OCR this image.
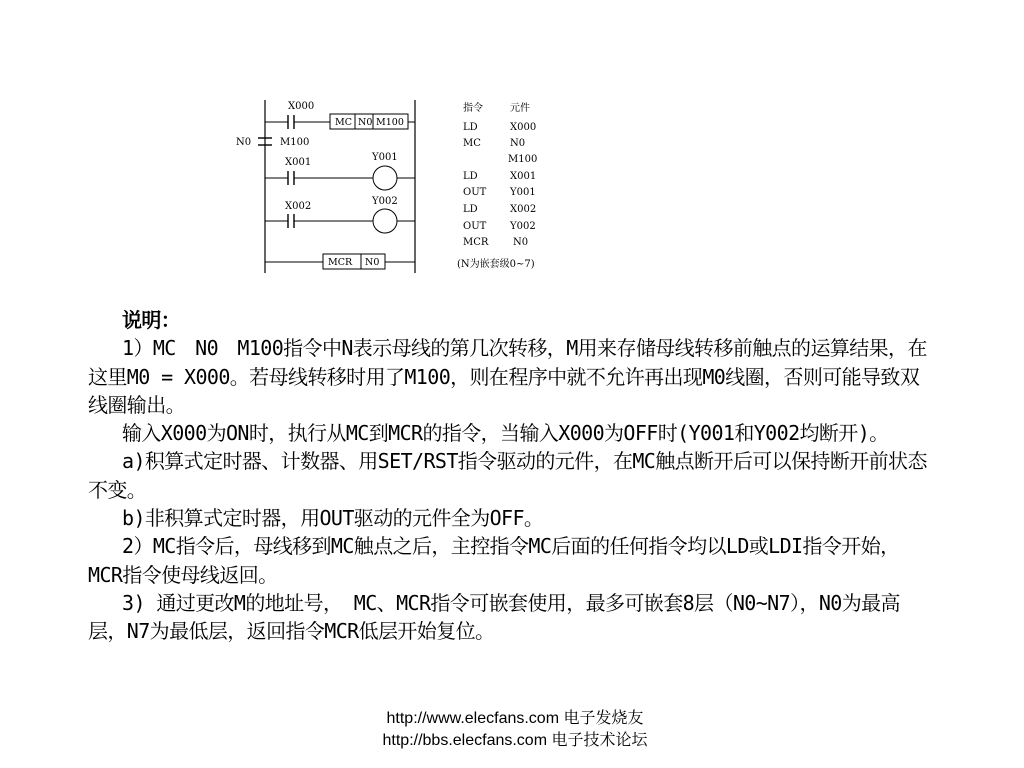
X000
MC N0 M100
N0	M100
X001	Y001
X002	Y002
MCR N0
指令	元件
LD	X000
MC	N0
M100
LD	X001
OUT Y001
LD	X002
OUT Y002
MCR N0
(N为嵌套级0~7)

说明：

1）MC　N0　M100指令中N表示母线的第几次转移，M用来存储母线转移前触点的运算结果，在这里M0 = X000。若母线转移时用了M100，则在程序中就不允许再出现M0线圈，否则可能导致双线圈输出。

输入X000为ON时，执行从MC到MCR的指令，当输入X000为OFF时(Y001和Y002均断开)。

a)积算式定时器、计数器、用SET/RST指令驱动的元件，在MC触点断开后可以保持断开前状态不变。

b)非积算式定时器，用OUT驱动的元件全为OFF。

2）MC指令后，母线移到MC触点之后，主控指令MC后面的任何指令均以LD或LDI指令开始，MCR指令使母线返回。

3) 通过更改M的地址号， MC、MCR指令可嵌套使用，最多可嵌套8层（N0~N7），N0为最高层，N7为最低层，返回指令MCR低层开始复位。

http://www.elecfans.com 电子发烧友 http://bbs.elecfans.com 电子技术论坛
